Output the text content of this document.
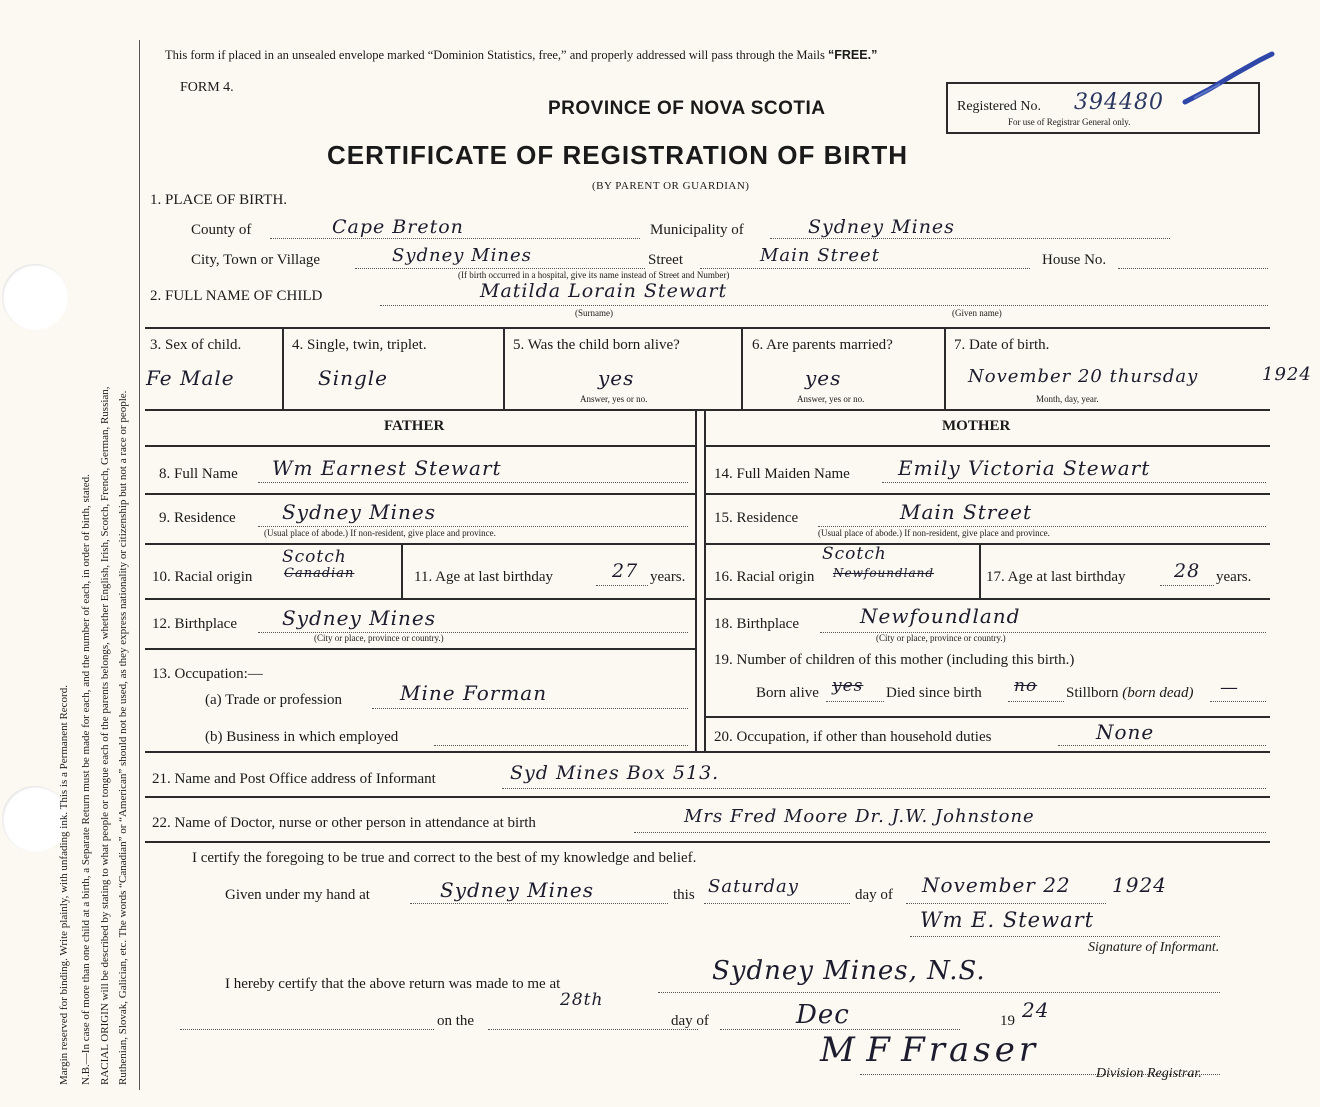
Margin reserved for binding. Write plainly, with unfading ink. This is a Permanent Record. N.B.—In case of more than one child at a birth, a Separate Return must be made for each, and the number of each, in order of birth, stated. RACIAL ORIGIN will be described by stating to what people or tongue each of the parents belongs, whether English, Irish, Scotch, French, German, Russian, Ruthenian, Slovak, Galician, etc. The words “Canadian” or “American” should not be used, as they express nationality or citizenship but not a race or people.
This form if placed in an unsealed envelope marked “Dominion Statistics, free,” and properly addressed will pass through the Mails “FREE.”
FORM 4.
PROVINCE OF NOVA SCOTIA
CERTIFICATE OF REGISTRATION OF BIRTH
(BY PARENT OR GUARDIAN)
Registered No. 394480
For use of Registrar General only.
1. PLACE OF BIRTH.
County of	Cape Breton	Municipality of	Sydney Mines
City, Town or Village	Sydney Mines	Street	Main Street	House No.
(If birth occurred in a hospital, give its name instead of Street and Number)
2. FULL NAME OF CHILD	Matilda Lorain Stewart
(Surname)	(Given name)
3. Sex of child.
Fe Male
4. Single, twin, triplet.
Single
5. Was the child born alive?
yes
Answer, yes or no.
6. Are parents married?
yes
Answer, yes or no.
7. Date of birth.
November 20 thursday	1924
Month, day, year.
FATHER	MOTHER
8. Full Name Wm Earnest Stewart
9. Residence Sydney Mines
(Usual place of abode.) If non-resident, give place and province.
10. Racial origin
Scotch
Canadian	11. Age at last birthday	27 years.
12. Birthplace Sydney Mines
(City or place, province or country.)
13. Occupation:—
(a) Trade or profession	Mine Forman
(b) Business in which employed
14. Full Maiden Name Emily Victoria Stewart
15. Residence	Main Street
(Usual place of abode.) If non-resident, give place and province.
16. Racial origin
Scotch
Newfoundland	17. Age at last birthday	28 years.
18. Birthplace	Newfoundland
(City or place, province or country.)
19. Number of children of this mother (including this birth.)
Born alive yes Died since birth no Stillborn (born dead) —
20. Occupation, if other than household duties	None
21. Name and Post Office address of Informant	Syd Mines Box 513.
22. Name of Doctor, nurse or other person in attendance at birth	Mrs Fred Moore Dr. J.W. Johnstone
I certify the foregoing to be true and correct to the best of my knowledge and belief.
Given under my hand at	Sydney Mines	this Saturday	day of November 22 1924
Wm E. Stewart
Signature of Informant.
I hereby certify that the above return was made to me at	Sydney Mines, N.S.
on the
28th
day of	Dec	19 24
M F Fraser
Division Registrar.
